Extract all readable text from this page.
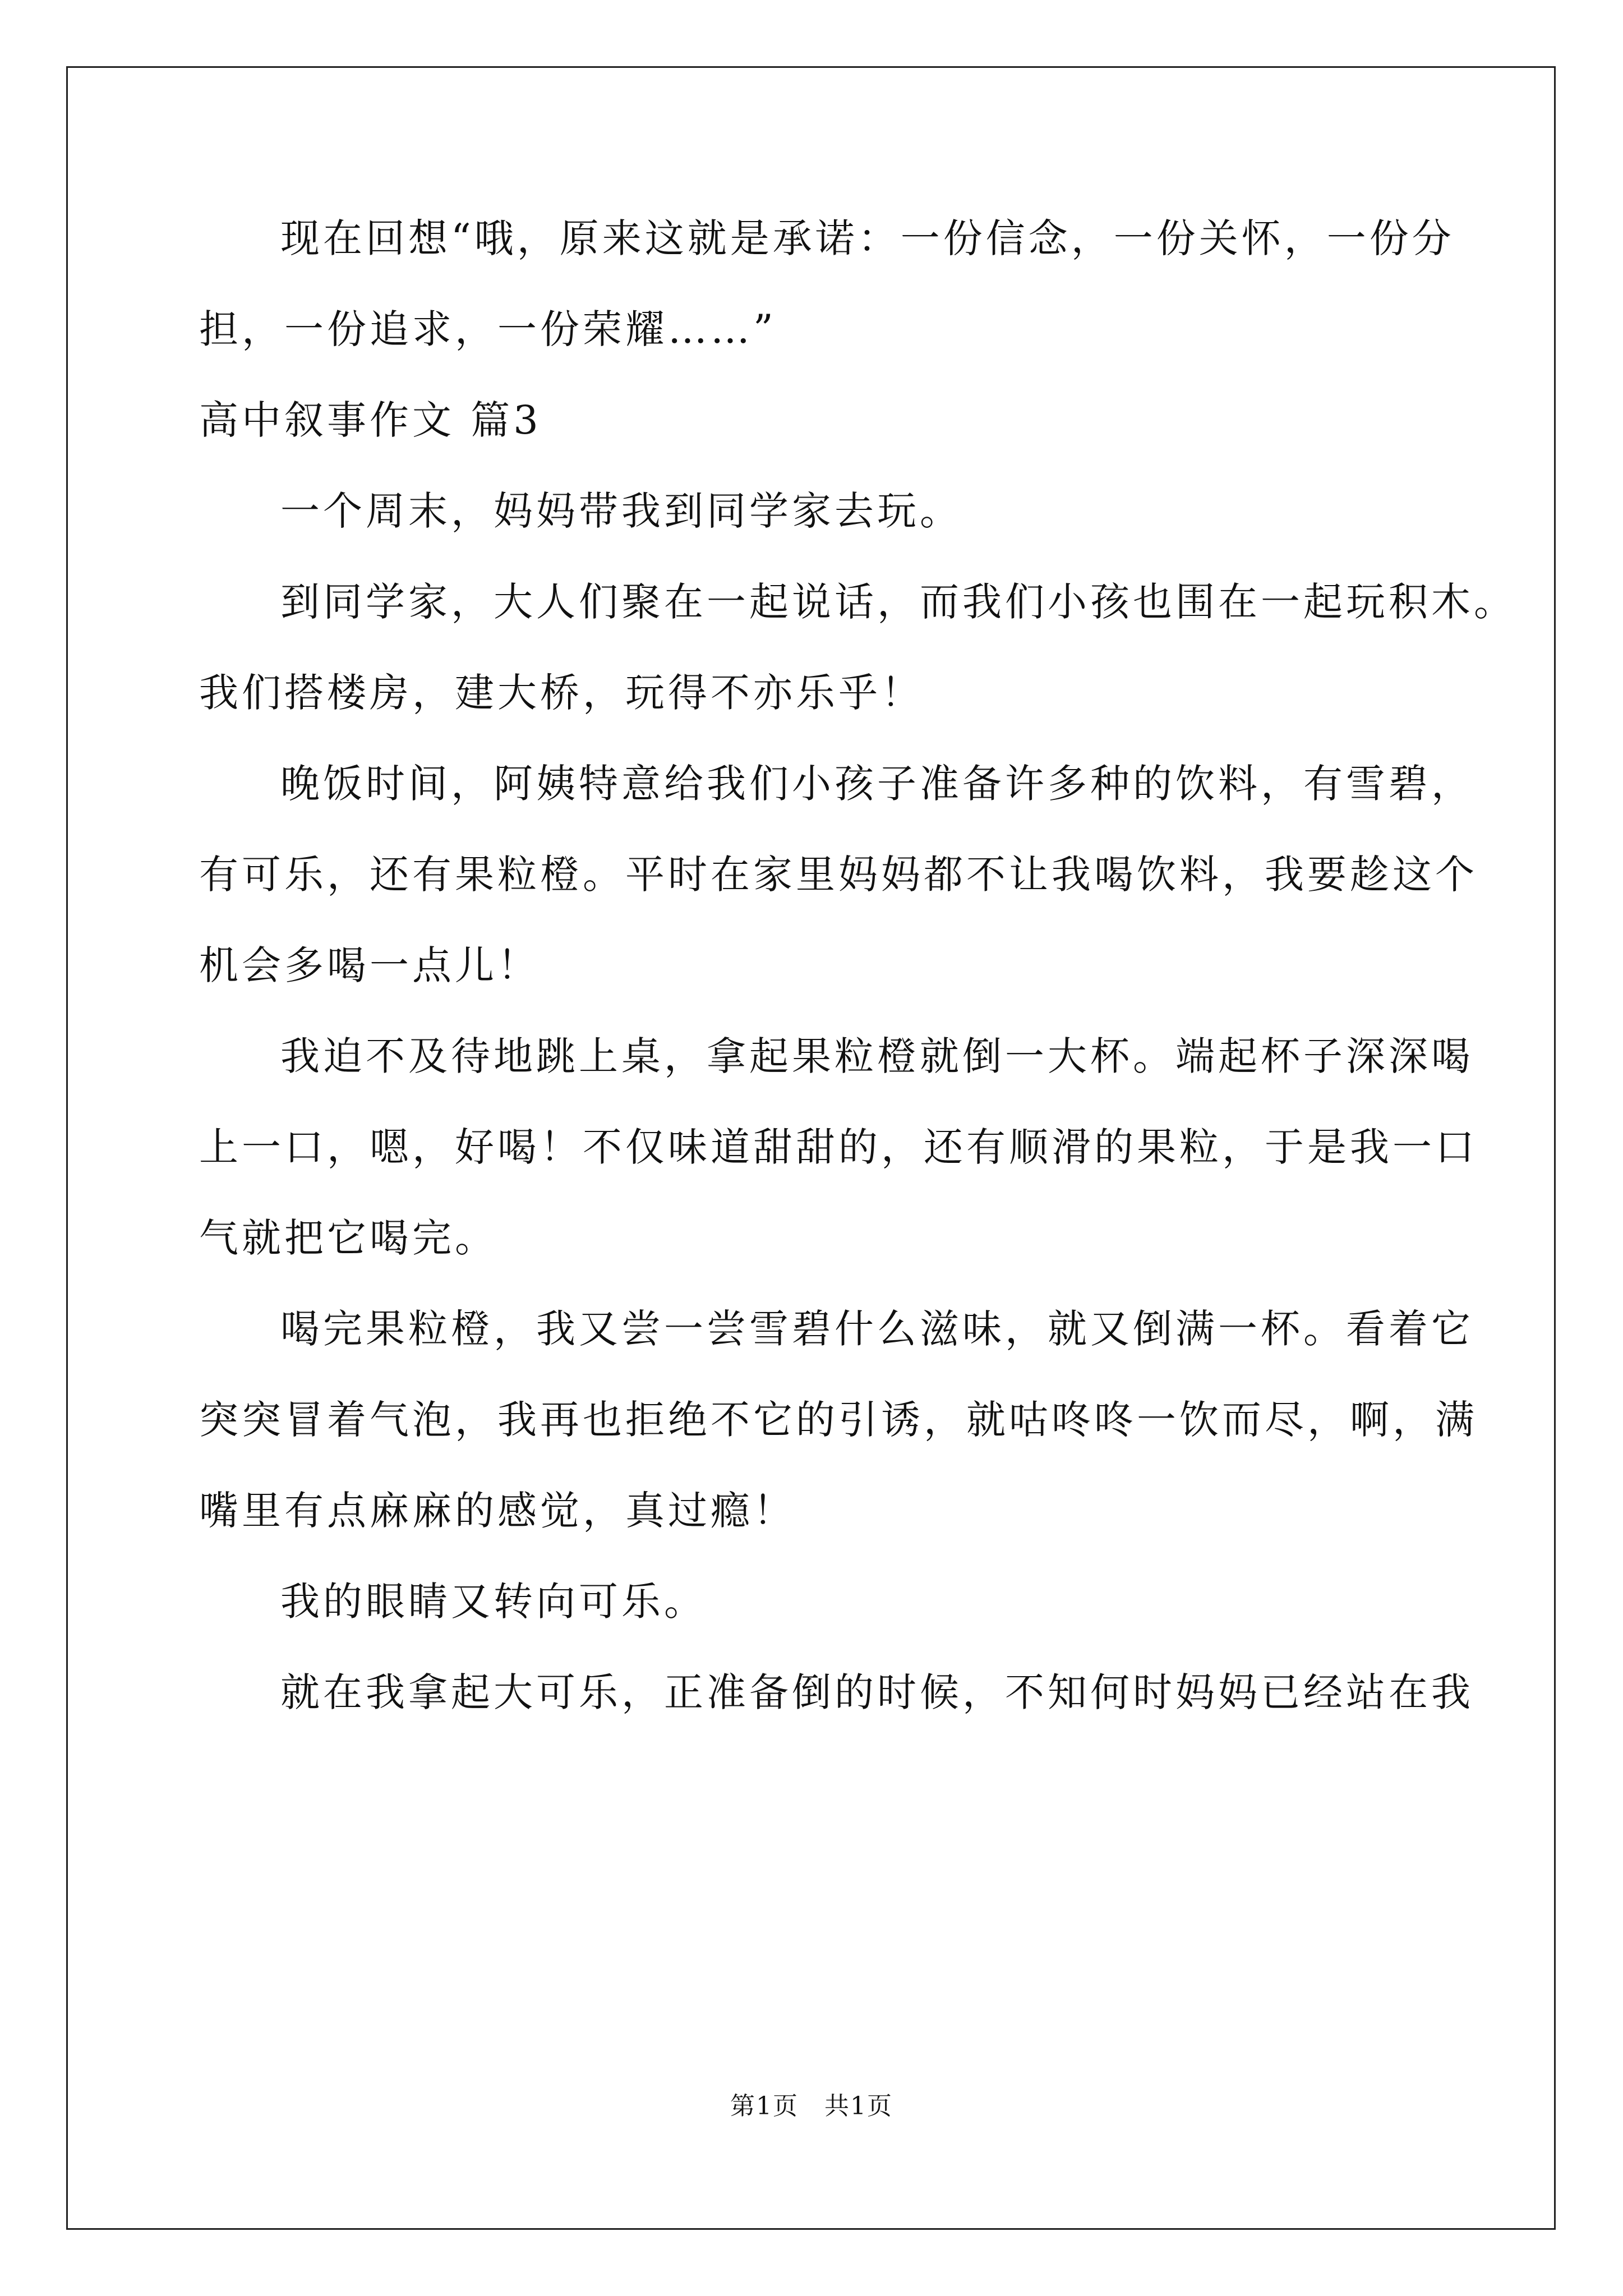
现在回想“哦，原来这就是承诺：一份信念，一份关怀，一份分
担，一份追求，一份荣耀……”
高中叙事作文 篇3
一个周末，妈妈带我到同学家去玩。
到同学家，大人们聚在一起说话，而我们小孩也围在一起玩积木。
我们搭楼房，建大桥，玩得不亦乐乎！
晚饭时间，阿姨特意给我们小孩子准备许多种的饮料，有雪碧，
有可乐，还有果粒橙。平时在家里妈妈都不让我喝饮料，我要趁这个
机会多喝一点儿！
我迫不及待地跳上桌，拿起果粒橙就倒一大杯。端起杯子深深喝
上一口，嗯，好喝！不仅味道甜甜的，还有顺滑的果粒，于是我一口
气就把它喝完。
喝完果粒橙，我又尝一尝雪碧什么滋味，就又倒满一杯。看着它
突突冒着气泡，我再也拒绝不它的引诱，就咕咚咚一饮而尽，啊，满
嘴里有点麻麻的感觉，真过瘾！
我的眼睛又转向可乐。
就在我拿起大可乐，正准备倒的时候，不知何时妈妈已经站在我
第1页　共1页
